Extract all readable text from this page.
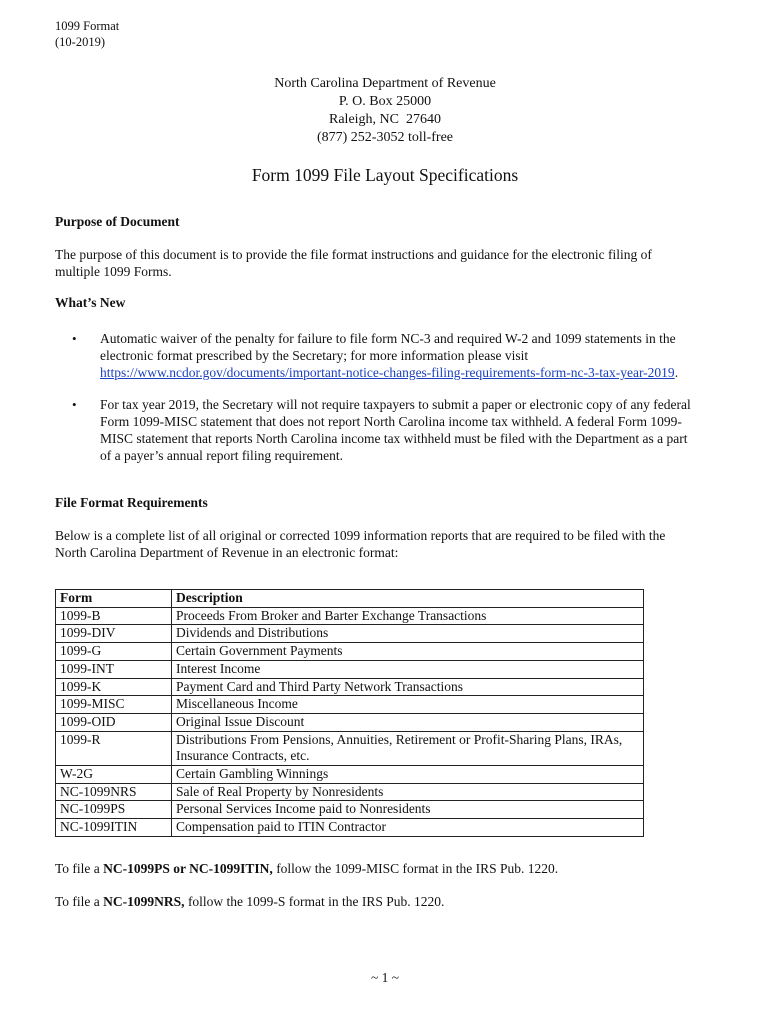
1099 Format
(10-2019)
North Carolina Department of Revenue
P. O. Box 25000
Raleigh, NC  27640
(877) 252-3052 toll-free
Form 1099 File Layout Specifications
Purpose of Document
The purpose of this document is to provide the file format instructions and guidance for the electronic filing of
multiple 1099 Forms.
What’s New
• Automatic waiver of the penalty for failure to file form NC-3 and required W-2 and 1099 statements in the
electronic format prescribed by the Secretary; for more information please visit
https://www.ncdor.gov/documents/important-notice-changes-filing-requirements-form-nc-3-tax-year-2019.
• For tax year 2019, the Secretary will not require taxpayers to submit a paper or electronic copy of any federal
Form 1099-MISC statement that does not report North Carolina income tax withheld. A federal Form 1099-
MISC statement that reports North Carolina income tax withheld must be filed with the Department as a part
of a payer’s annual report filing requirement.
File Format Requirements
Below is a complete list of all original or corrected 1099 information reports that are required to be filed with the
North Carolina Department of Revenue in an electronic format:
Form	Description
1099-B	Proceeds From Broker and Barter Exchange Transactions
1099-DIV	Dividends and Distributions
1099-G	Certain Government Payments
1099-INT	Interest Income
1099-K	Payment Card and Third Party Network Transactions
1099-MISC	Miscellaneous Income
1099-OID	Original Issue Discount
1099-R	Distributions From Pensions, Annuities, Retirement or Profit-Sharing Plans, IRAs, Insurance Contracts, etc.
W-2G	Certain Gambling Winnings
NC-1099NRS	Sale of Real Property by Nonresidents
NC-1099PS	Personal Services Income paid to Nonresidents
NC-1099ITIN	Compensation paid to ITIN Contractor
To file a NC-1099PS or NC-1099ITIN, follow the 1099-MISC format in the IRS Pub. 1220.
To file a NC-1099NRS, follow the 1099-S format in the IRS Pub. 1220.
~ 1 ~
